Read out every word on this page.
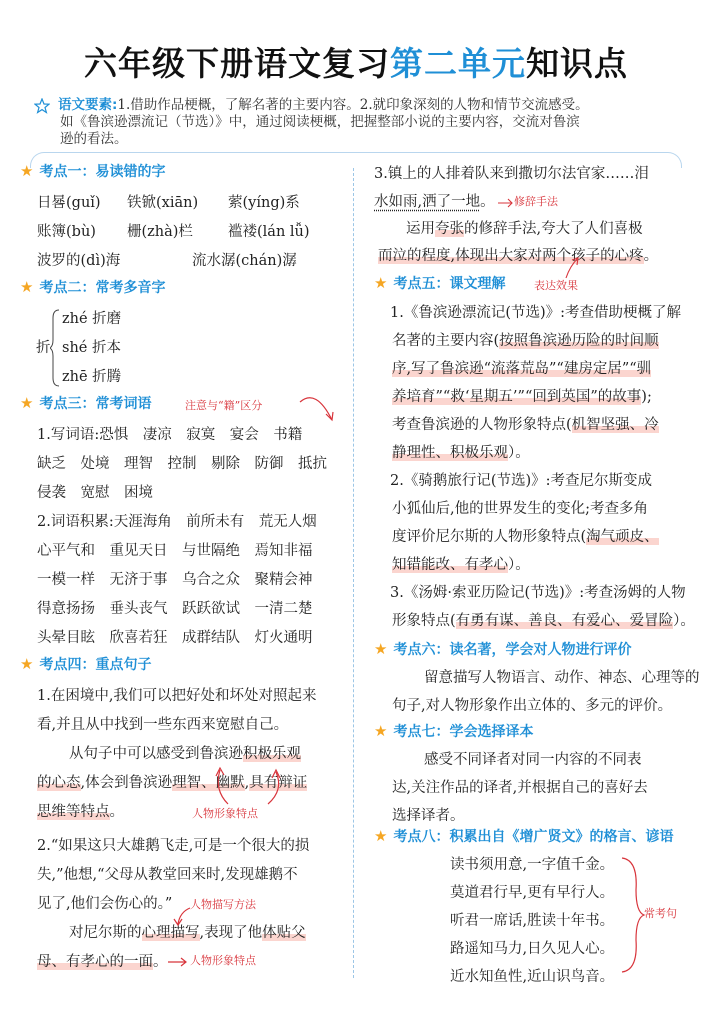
六年级下册语文复习第二单元知识点

语文要素:1.借助作品梗概，了解名著的主要内容。2.就印象深刻的人物和情节交流感受。

如《鲁滨逊漂流记（节选）》中，通过阅读梗概，把握整部小说的主要内容，交流对鲁滨

逊的看法。

★ 考点一：易读错的字
日晷(guǐ) 铁锨(xiān) 萦(yíng)系
账簿(bù) 栅(zhà)栏 褴褛(lán lǚ)
波罗的(dì)海	流水潺(chán)潺
★ 考点二：常考多音字
折
zhé 折磨
shé 折本
zhē 折腾
★ 考点三：常考词语	注意与“籍”区分
1.写词语:恐惧　 凄凉　 寂寞　 宴会　 书籍
缺乏　 处境　 理智　 控制　 剔除　 防御　 抵抗
侵袭　 宽慰　 困境
2.词语积累:天涯海角　 前所未有　 荒无人烟
心平气和　 重见天日　 与世隔绝　 焉知非福
一模一样　 无济于事　 乌合之众　 聚精会神
得意扬扬　 垂头丧气　 跃跃欲试　 一清二楚
头晕目眩　 欣喜若狂　 成群结队　 灯火通明
★ 考点四：重点句子
1.在困境中,我们可以把好处和坏处对照起来
看,并且从中找到一些东西来宽慰自己。
从句子中可以感受到鲁滨逊积极乐观
的心态,体会到鲁滨逊理智、幽默,具有辩证
思维等特点。	人物形象特点
2.“如果这只大雄鹅飞走,可是一个很大的损
失,”他想,“父母从教堂回来时,发现雄鹅不
见了,他们会伤心的。” 人物描写方法
对尼尔斯的心理描写,表现了他体贴父
母、有孝心的一面。 人物形象特点
3.镇上的人排着队来到撒切尔法官家……泪
水如雨,洒了一地。 修辞手法
运用夸张的修辞手法,夸大了人们喜极
而泣的程度,体现出大家对两个孩子的心疼。
★ 考点五：课文理解	表达效果
1.《鲁滨逊漂流记(节选)》:考查借助梗概了解
名著的主要内容(按照鲁滨逊历险的时间顺
序,写了鲁滨逊“流落荒岛”“建房定居”“驯
养培育”“救‘星期五’”“回到英国”的故事);
考查鲁滨逊的人物形象特点(机智坚强、冷
静理性、积极乐观）。
2.《骑鹅旅行记(节选)》:考查尼尔斯变成
小狐仙后,他的世界发生的变化;考查多角
度评价尼尔斯的人物形象特点(淘气顽皮、
知错能改、有孝心）。
3.《汤姆·索亚历险记(节选)》:考查汤姆的人物
形象特点(有勇有谋、善良、有爱心、爱冒险）。
★ 考点六：读名著，学会对人物进行评价
留意描写人物语言、动作、神态、心理等的
句子,对人物形象作出立体的、多元的评价。
★ 考点七：学会选择译本
感受不同译者对同一内容的不同表
达,关注作品的译者,并根据自己的喜好去
选择译者。
★ 考点八：积累出自《增广贤文》的格言、谚语
读书须用意,一字值千金。
莫道君行早,更有早行人。
听君一席话,胜读十年书。
路遥知马力,日久见人心。
近水知鱼性,近山识鸟音。
常考句
